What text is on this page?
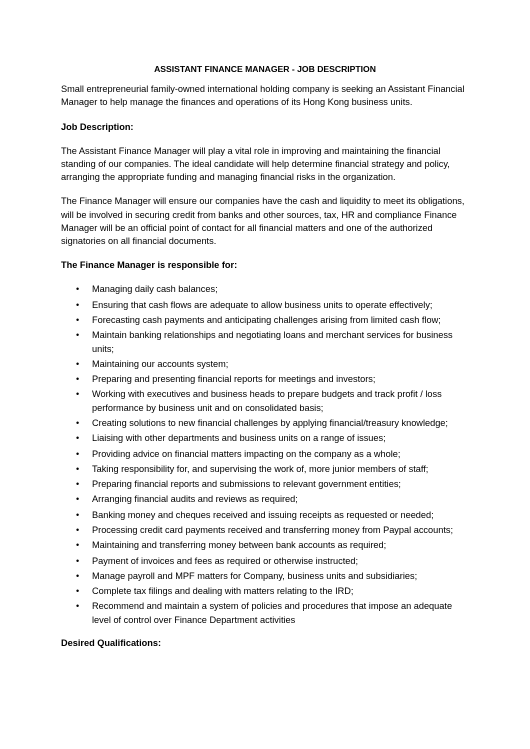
ASSISTANT FINANCE MANAGER - JOB DESCRIPTION

Small entrepreneurial family-owned international holding company is seeking an Assistant Financial Manager to help manage the finances and operations of its Hong Kong business units.

Job Description:

The Assistant Finance Manager will play a vital role in improving and maintaining the financial standing of our companies. The ideal candidate will help determine financial strategy and policy, arranging the appropriate funding and managing financial risks in the organization.

The Finance Manager will ensure our companies have the cash and liquidity to meet its obligations, will be involved in securing credit from banks and other sources, tax, HR and compliance Finance Manager will be an official point of contact for all financial matters and one of the authorized signatories on all financial documents.

The Finance Manager is responsible for:
• Managing daily cash balances;
• Ensuring that cash flows are adequate to allow business units to operate effectively;
• Forecasting cash payments and anticipating challenges arising from limited cash flow;
• Maintain banking relationships and negotiating loans and merchant services for business units;
• Maintaining our accounts system;
• Preparing and presenting financial reports for meetings and investors;
• Working with executives and business heads to prepare budgets and track profit / loss performance by business unit and on consolidated basis;
• Creating solutions to new financial challenges by applying financial/treasury knowledge;
• Liaising with other departments and business units on a range of issues;
• Providing advice on financial matters impacting on the company as a whole;
• Taking responsibility for, and supervising the work of, more junior members of staff;
• Preparing financial reports and submissions to relevant government entities;
• Arranging financial audits and reviews as required;
• Banking money and cheques received and issuing receipts as requested or needed;
• Processing credit card payments received and transferring money from Paypal accounts;
• Maintaining and transferring money between bank accounts as required;
• Payment of invoices and fees as required or otherwise instructed;
• Manage payroll and MPF matters for Company, business units and subsidiaries;
• Complete tax filings and dealing with matters relating to the IRD;
• Recommend and maintain a system of policies and procedures that impose an adequate level of control over Finance Department activities
Desired Qualifications:
